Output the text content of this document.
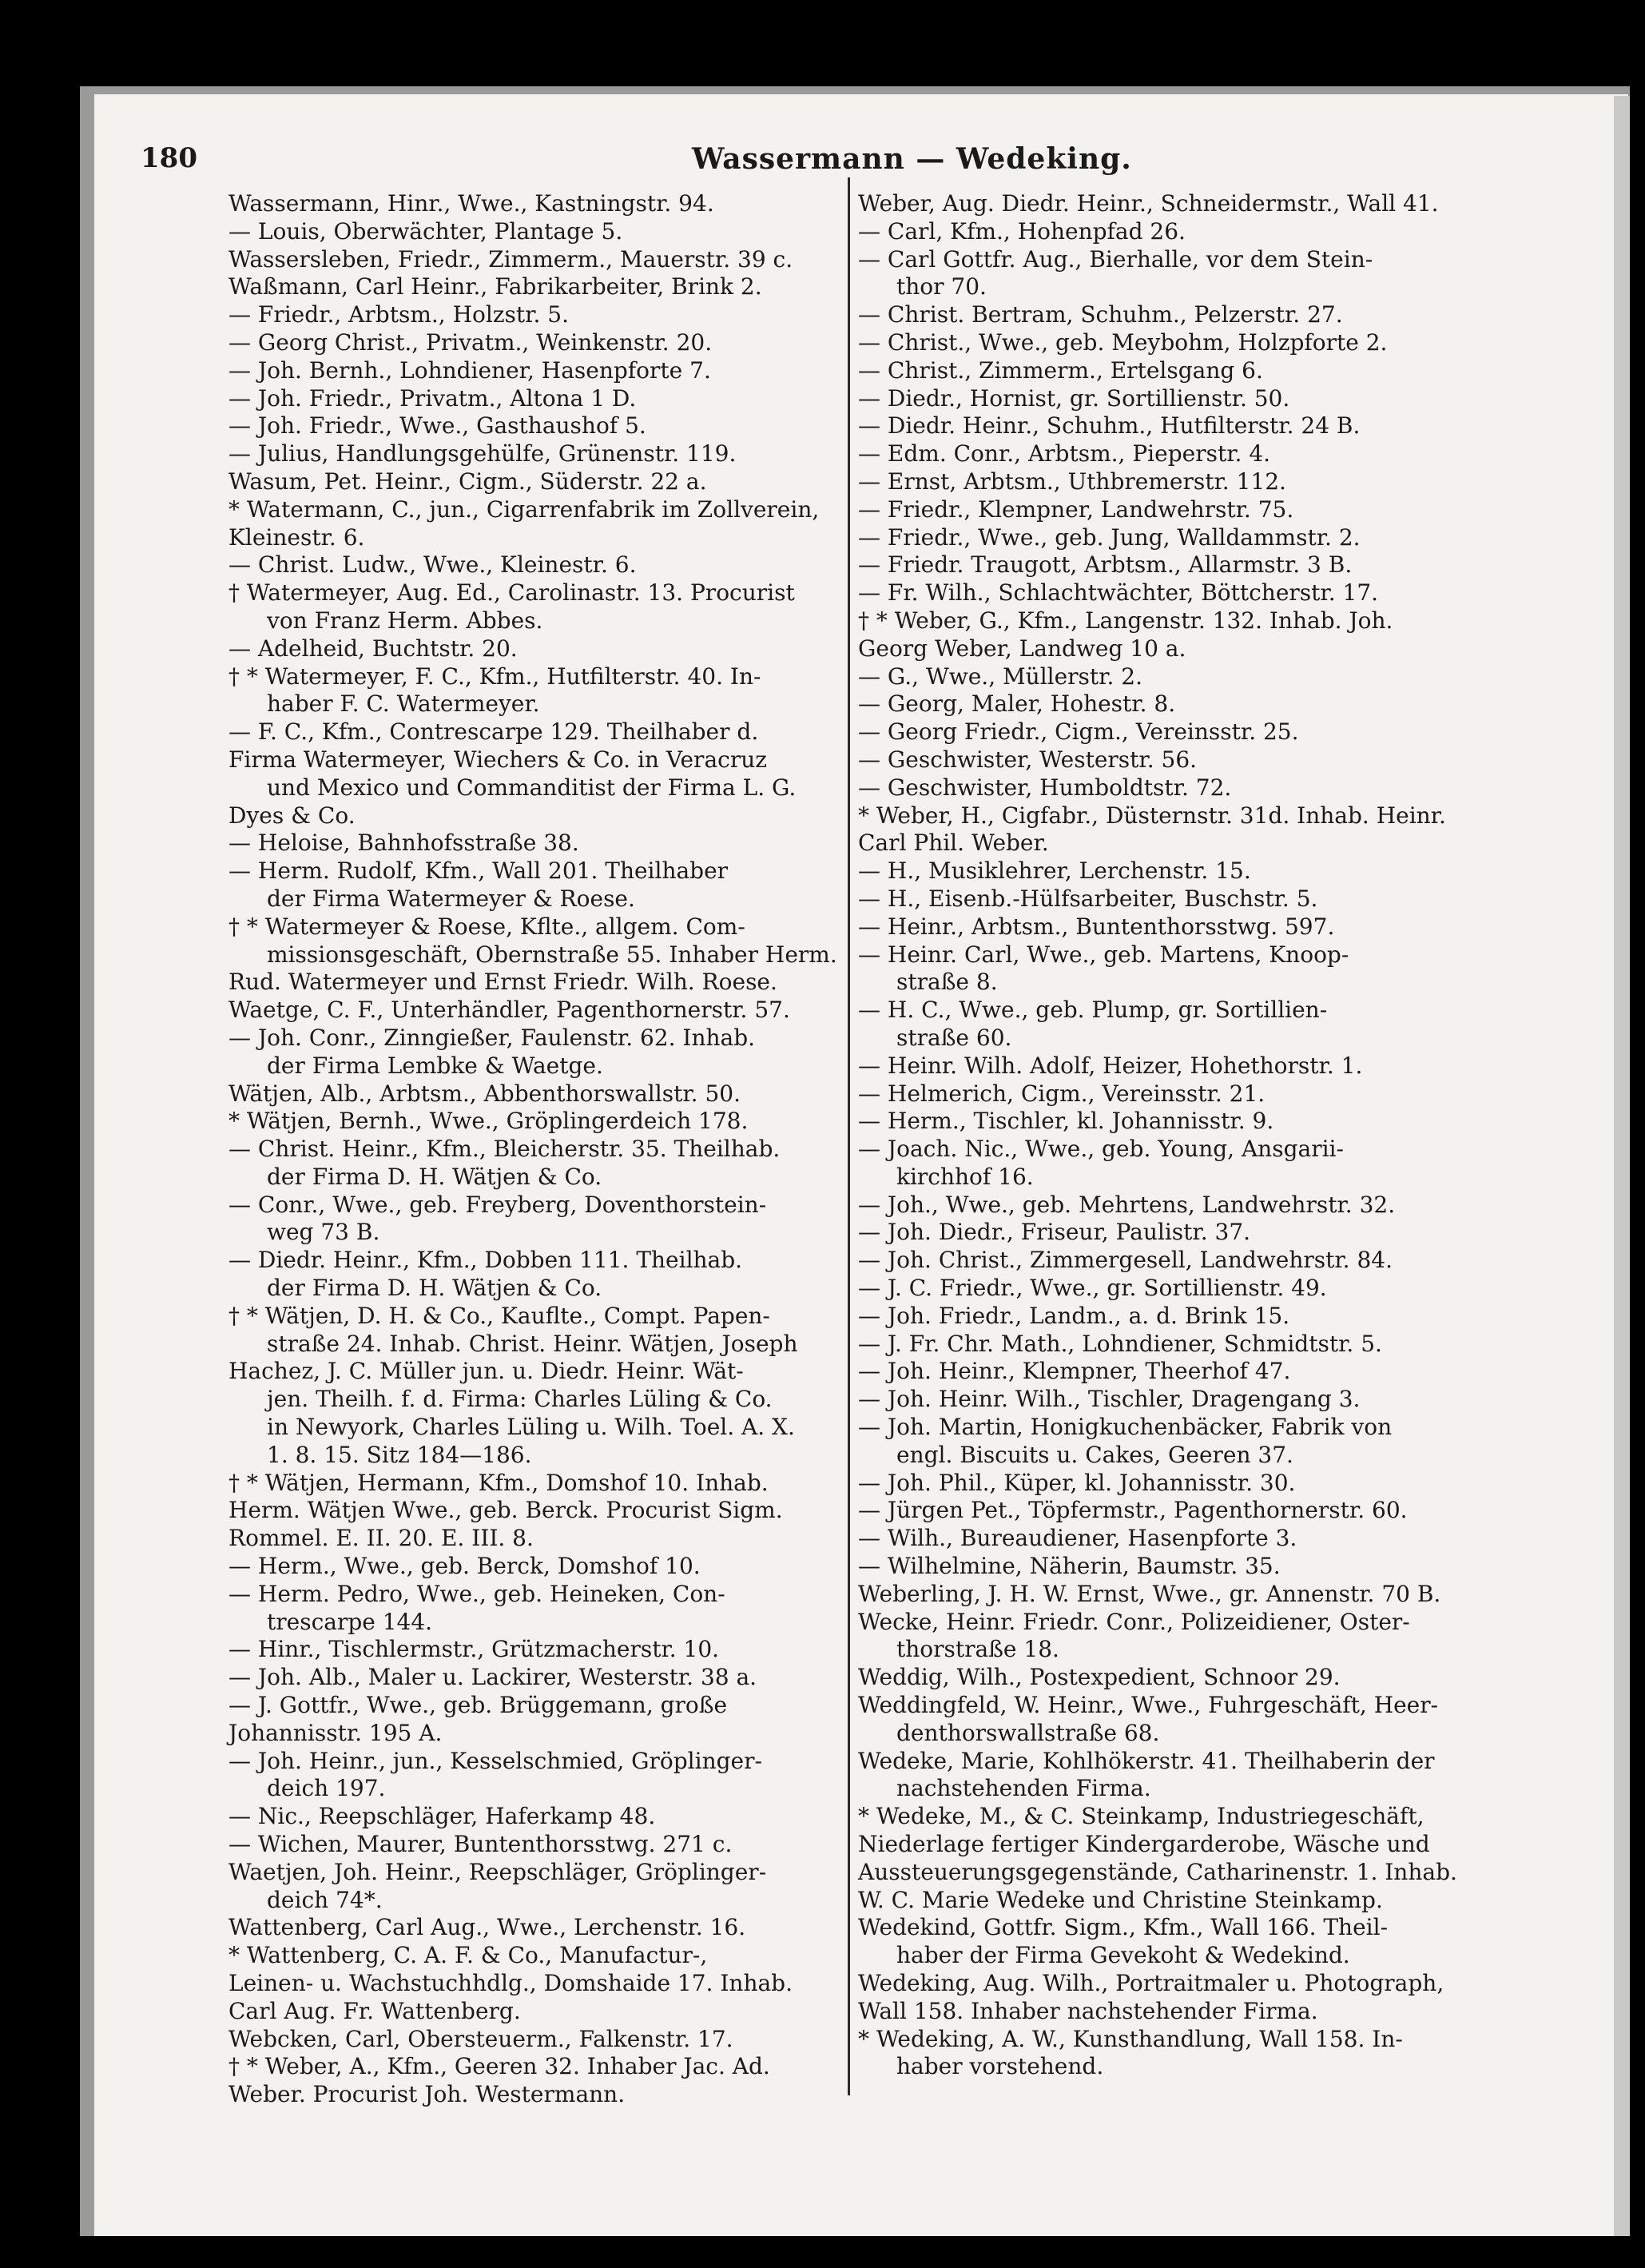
180	Wassermann — Wedeking.
Wassermann, Hinr., Wwe., Kastningstr. 94.
— Louis, Oberwächter, Plantage 5.
Wassersleben, Friedr., Zimmerm., Mauerstr. 39 c.
Waßmann, Carl Heinr., Fabrikarbeiter, Brink 2.
— Friedr., Arbtsm., Holzstr. 5.
— Georg Christ., Privatm., Weinkenstr. 20.
— Joh. Bernh., Lohndiener, Hasenpforte 7.
— Joh. Friedr., Privatm., Altona 1 D.
— Joh. Friedr., Wwe., Gasthaushof 5.
— Julius, Handlungsgehülfe, Grünenstr. 119.
Wasum, Pet. Heinr., Cigm., Süderstr. 22 a.
* Watermann, C., jun., Cigarrenfabrik im Zollverein,
Kleinestr. 6.
— Christ. Ludw., Wwe., Kleinestr. 6.
† Watermeyer, Aug. Ed., Carolinastr. 13. Procurist
von Franz Herm. Abbes.
— Adelheid, Buchtstr. 20.
† * Watermeyer, F. C., Kfm., Hutfilterstr. 40. In-
haber F. C. Watermeyer.
— F. C., Kfm., Contrescarpe 129. Theilhaber d.
Firma Watermeyer, Wiechers & Co. in Veracruz
und Mexico und Commanditist der Firma L. G.
Dyes & Co.
— Heloise, Bahnhofsstraße 38.
— Herm. Rudolf, Kfm., Wall 201. Theilhaber
der Firma Watermeyer & Roese.
† * Watermeyer & Roese, Kflte., allgem. Com-
missionsgeschäft, Obernstraße 55. Inhaber Herm.
Rud. Watermeyer und Ernst Friedr. Wilh. Roese.
Waetge, C. F., Unterhändler, Pagenthornerstr. 57.
— Joh. Conr., Zinngießer, Faulenstr. 62. Inhab.
der Firma Lembke & Waetge.
Wätjen, Alb., Arbtsm., Abbenthorswallstr. 50.
* Wätjen, Bernh., Wwe., Gröplingerdeich 178.
— Christ. Heinr., Kfm., Bleicherstr. 35. Theilhab.
der Firma D. H. Wätjen & Co.
— Conr., Wwe., geb. Freyberg, Doventhorstein-
weg 73 B.
— Diedr. Heinr., Kfm., Dobben 111. Theilhab.
der Firma D. H. Wätjen & Co.
† * Wätjen, D. H. & Co., Kauflte., Compt. Papen-
straße 24. Inhab. Christ. Heinr. Wätjen, Joseph
Hachez, J. C. Müller jun. u. Diedr. Heinr. Wät-
jen. Theilh. f. d. Firma: Charles Lüling & Co.
in Newyork, Charles Lüling u. Wilh. Toel. A. X.
1. 8. 15. Sitz 184—186.
† * Wätjen, Hermann, Kfm., Domshof 10. Inhab.
Herm. Wätjen Wwe., geb. Berck. Procurist Sigm.
Rommel. E. II. 20. E. III. 8.
— Herm., Wwe., geb. Berck, Domshof 10.
— Herm. Pedro, Wwe., geb. Heineken, Con-
trescarpe 144.
— Hinr., Tischlermstr., Grützmacherstr. 10.
— Joh. Alb., Maler u. Lackirer, Westerstr. 38 a.
— J. Gottfr., Wwe., geb. Brüggemann, große
Johannisstr. 195 A.
— Joh. Heinr., jun., Kesselschmied, Gröplinger-
deich 197.
— Nic., Reepschläger, Haferkamp 48.
— Wichen, Maurer, Buntenthorsstwg. 271 c.
Waetjen, Joh. Heinr., Reepschläger, Gröplinger-
deich 74*.
Wattenberg, Carl Aug., Wwe., Lerchenstr. 16.
* Wattenberg, C. A. F. & Co., Manufactur-,
Leinen- u. Wachstuchhdlg., Domshaide 17. Inhab.
Carl Aug. Fr. Wattenberg.
Webcken, Carl, Obersteuerm., Falkenstr. 17.
† * Weber, A., Kfm., Geeren 32. Inhaber Jac. Ad.
Weber. Procurist Joh. Westermann.
Weber, Aug. Diedr. Heinr., Schneidermstr., Wall 41.
— Carl, Kfm., Hohenpfad 26.
— Carl Gottfr. Aug., Bierhalle, vor dem Stein-
thor 70.
— Christ. Bertram, Schuhm., Pelzerstr. 27.
— Christ., Wwe., geb. Meybohm, Holzpforte 2.
— Christ., Zimmerm., Ertelsgang 6.
— Diedr., Hornist, gr. Sortillienstr. 50.
— Diedr. Heinr., Schuhm., Hutfilterstr. 24 B.
— Edm. Conr., Arbtsm., Pieperstr. 4.
— Ernst, Arbtsm., Uthbremerstr. 112.
— Friedr., Klempner, Landwehrstr. 75.
— Friedr., Wwe., geb. Jung, Walldammstr. 2.
— Friedr. Traugott, Arbtsm., Allarmstr. 3 B.
— Fr. Wilh., Schlachtwächter, Böttcherstr. 17.
† * Weber, G., Kfm., Langenstr. 132. Inhab. Joh.
Georg Weber, Landweg 10 a.
— G., Wwe., Müllerstr. 2.
— Georg, Maler, Hohestr. 8.
— Georg Friedr., Cigm., Vereinsstr. 25.
— Geschwister, Westerstr. 56.
— Geschwister, Humboldtstr. 72.
* Weber, H., Cigfabr., Düsternstr. 31d. Inhab. Heinr.
Carl Phil. Weber.
— H., Musiklehrer, Lerchenstr. 15.
— H., Eisenb.-Hülfsarbeiter, Buschstr. 5.
— Heinr., Arbtsm., Buntenthorsstwg. 597.
— Heinr. Carl, Wwe., geb. Martens, Knoop-
straße 8.
— H. C., Wwe., geb. Plump, gr. Sortillien-
straße 60.
— Heinr. Wilh. Adolf, Heizer, Hohethorstr. 1.
— Helmerich, Cigm., Vereinsstr. 21.
— Herm., Tischler, kl. Johannisstr. 9.
— Joach. Nic., Wwe., geb. Young, Ansgarii-
kirchhof 16.
— Joh., Wwe., geb. Mehrtens, Landwehrstr. 32.
— Joh. Diedr., Friseur, Paulistr. 37.
— Joh. Christ., Zimmergesell, Landwehrstr. 84.
— J. C. Friedr., Wwe., gr. Sortillienstr. 49.
— Joh. Friedr., Landm., a. d. Brink 15.
— J. Fr. Chr. Math., Lohndiener, Schmidtstr. 5.
— Joh. Heinr., Klempner, Theerhof 47.
— Joh. Heinr. Wilh., Tischler, Dragengang 3.
— Joh. Martin, Honigkuchenbäcker, Fabrik von
engl. Biscuits u. Cakes, Geeren 37.
— Joh. Phil., Küper, kl. Johannisstr. 30.
— Jürgen Pet., Töpfermstr., Pagenthornerstr. 60.
— Wilh., Bureaudiener, Hasenpforte 3.
— Wilhelmine, Näherin, Baumstr. 35.
Weberling, J. H. W. Ernst, Wwe., gr. Annenstr. 70 B.
Wecke, Heinr. Friedr. Conr., Polizeidiener, Oster-
thorstraße 18.
Weddig, Wilh., Postexpedient, Schnoor 29.
Weddingfeld, W. Heinr., Wwe., Fuhrgeschäft, Heer-
denthorswallstraße 68.
Wedeke, Marie, Kohlhökerstr. 41. Theilhaberin der
nachstehenden Firma.
* Wedeke, M., & C. Steinkamp, Industriegeschäft,
Niederlage fertiger Kindergarderobe, Wäsche und
Aussteuerungsgegenstände, Catharinenstr. 1. Inhab.
W. C. Marie Wedeke und Christine Steinkamp.
Wedekind, Gottfr. Sigm., Kfm., Wall 166. Theil-
haber der Firma Gevekoht & Wedekind.
Wedeking, Aug. Wilh., Portraitmaler u. Photograph,
Wall 158. Inhaber nachstehender Firma.
* Wedeking, A. W., Kunsthandlung, Wall 158. In-
haber vorstehend.
